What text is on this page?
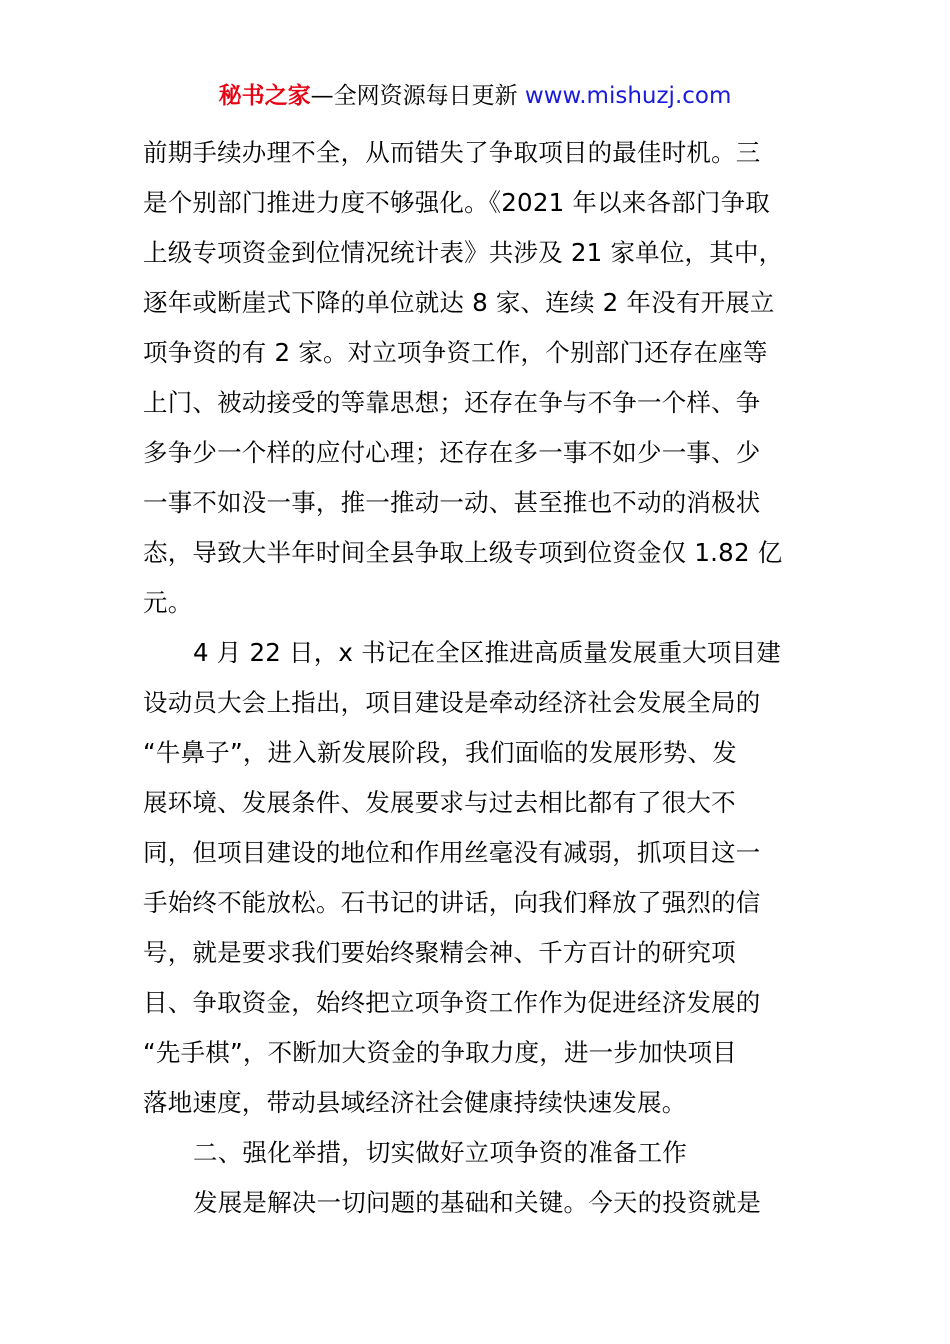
秘书之家—全网资源每日更新 www.mishuzj.com
前期手续办理不全，从而错失了争取项目的最佳时机。三
是个别部门推进力度不够强化。《2021 年以来各部门争取
上级专项资金到位情况统计表》共涉及 21 家单位，其中，
逐年或断崖式下降的单位就达 8 家、连续 2 年没有开展立
项争资的有 2 家。对立项争资工作，个别部门还存在座等
上门、被动接受的等靠思想；还存在争与不争一个样、争
多争少一个样的应付心理；还存在多一事不如少一事、少
一事不如没一事，推一推动一动、甚至推也不动的消极状
态，导致大半年时间全县争取上级专项到位资金仅 1.82 亿
元。
4 月 22 日，x 书记在全区推进高质量发展重大项目建
设动员大会上指出，项目建设是牵动经济社会发展全局的
“牛鼻子”，进入新发展阶段，我们面临的发展形势、发
展环境、发展条件、发展要求与过去相比都有了很大不
同，但项目建设的地位和作用丝毫没有减弱，抓项目这一
手始终不能放松。石书记的讲话，向我们释放了强烈的信
号，就是要求我们要始终聚精会神、千方百计的研究项
目、争取资金，始终把立项争资工作作为促进经济发展的
“先手棋”，不断加大资金的争取力度，进一步加快项目
落地速度，带动县域经济社会健康持续快速发展。
二、强化举措，切实做好立项争资的准备工作
发展是解决一切问题的基础和关键。今天的投资就是
